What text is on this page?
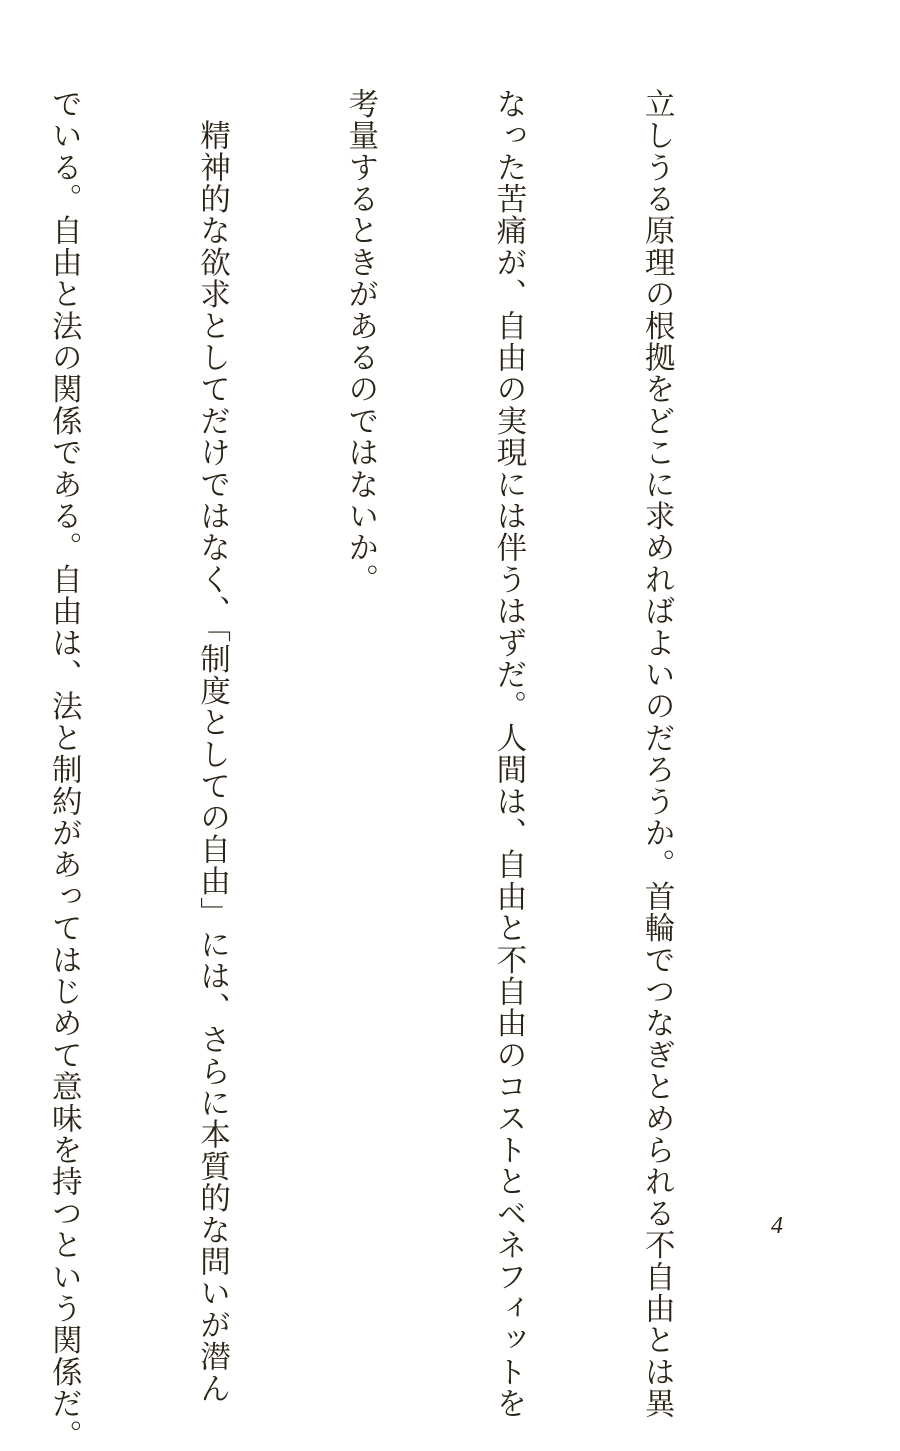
立しうる原理の根拠をどこに求めればよいのだろうか。首輪でつなぎとめられる不自由とは異

なった苦痛が、自由の実現には伴うはずだ。人間は、自由と不自由のコストとベネフィットを

考量するときがあるのではないか。

　精神的な欲求としてだけではなく、「制度としての自由」には、さらに本質的な問いが潜ん

でいる。自由と法の関係である。自由は、法と制約があってはじめて意味を持つという関係だ。

	4
